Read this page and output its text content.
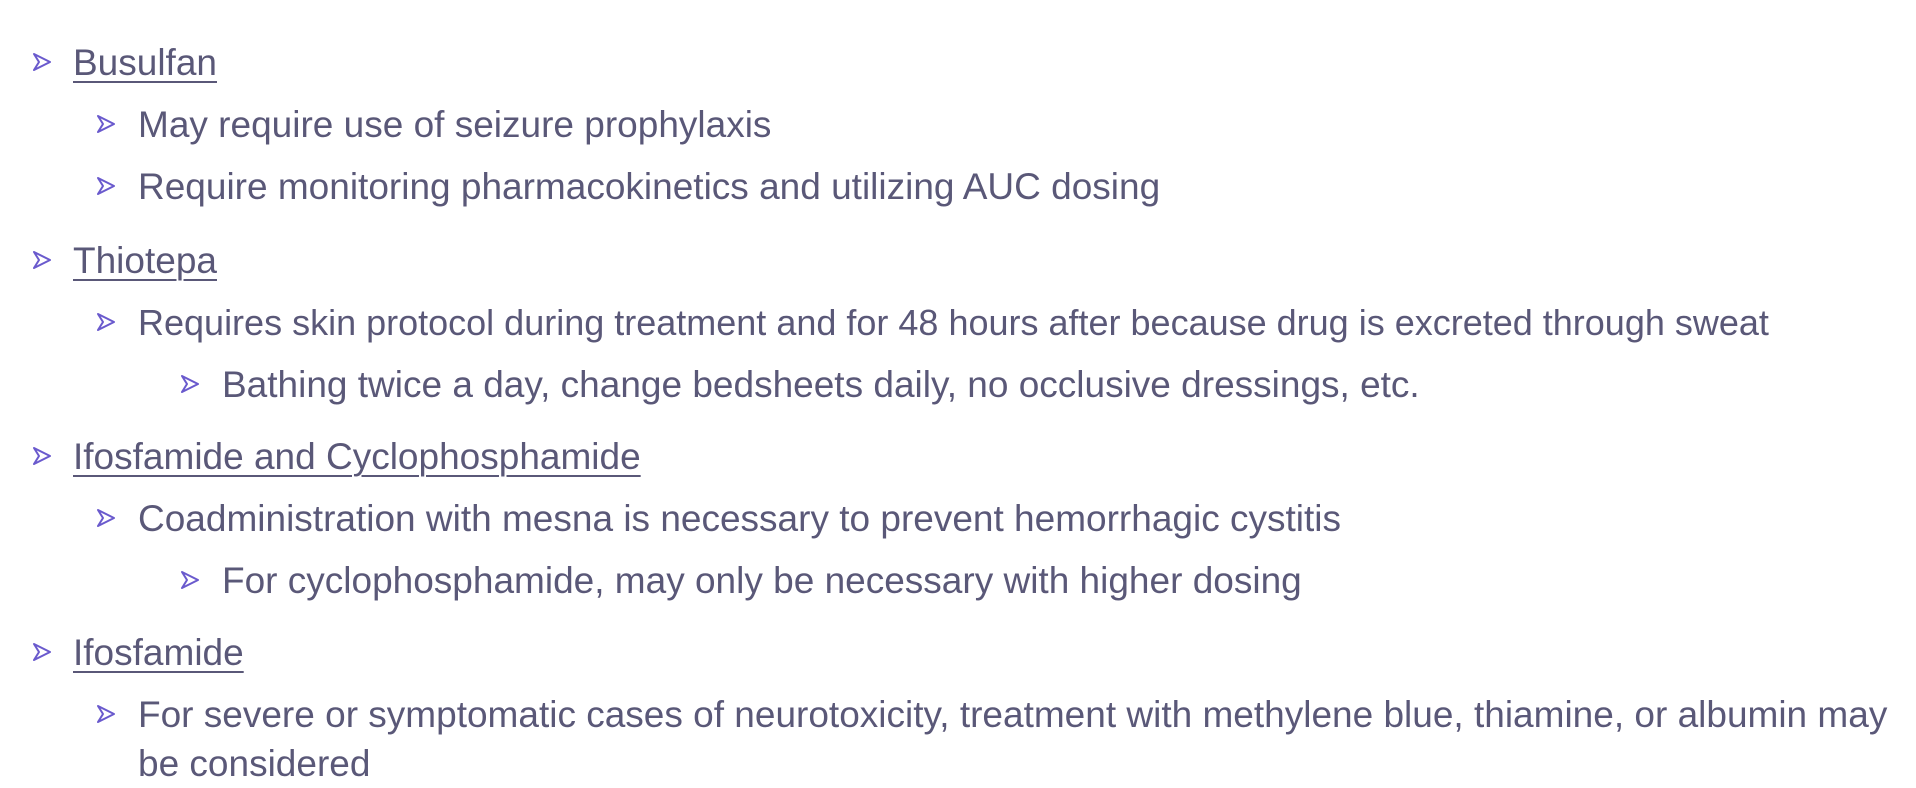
Busulfan
May require use of seizure prophylaxis
Require monitoring pharmacokinetics and utilizing AUC dosing
Thiotepa
Requires skin protocol during treatment and for 48 hours after because drug is excreted through sweat
Bathing twice a day, change bedsheets daily, no occlusive dressings, etc.
Ifosfamide and Cyclophosphamide
Coadministration with mesna is necessary to prevent hemorrhagic cystitis
For cyclophosphamide, may only be necessary with higher dosing
Ifosfamide
For severe or symptomatic cases of neurotoxicity, treatment with methylene blue, thiamine, or albumin may be considered
